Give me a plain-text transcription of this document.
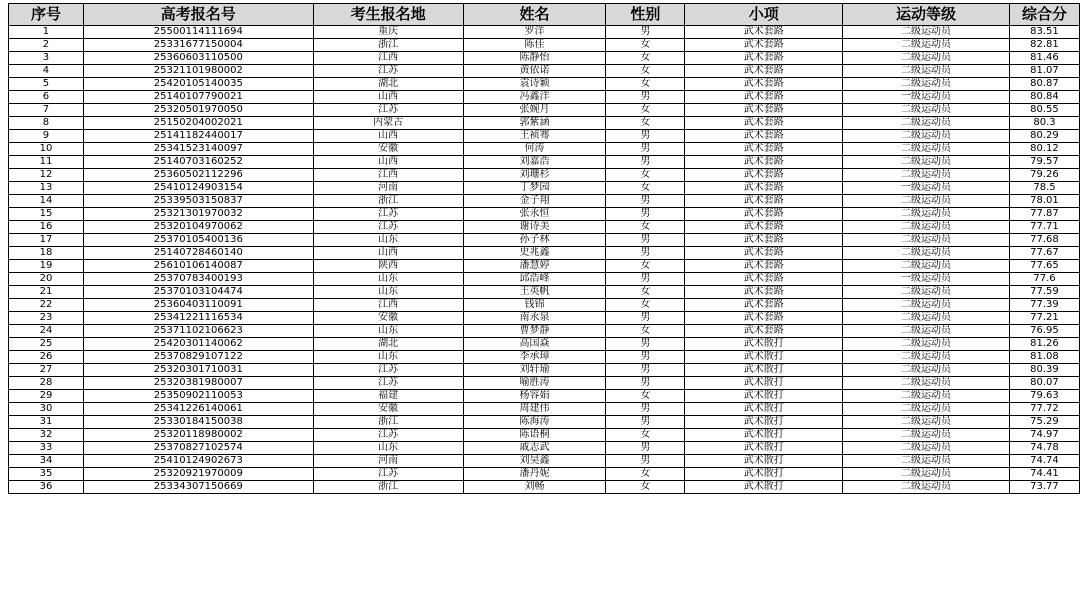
序号	高考报名号	考生报名地	姓名	性别	小项	运动等级	综合分
1	25500114111694	重庆	罗洋	男	武术套路	二级运动员	83.51
2	25331677150004	浙江	陈佳	女	武术套路	二级运动员	82.81
3	25360603110500	江西	陈静怡	女	武术套路	二级运动员	81.46
4	25321101980002	江苏	黄依诺	女	武术套路	二级运动员	81.07
5	25420105140035	湖北	袁诗颖	女	武术套路	二级运动员	80.87
6	25140107790021	山西	冯鑫洋	男	武术套路	一级运动员	80.84
7	25320501970050	江苏	张婉月	女	武术套路	二级运动员	80.55
8	25150204002021	内蒙古	郭紫涵	女	武术套路	二级运动员	80.3
9	25141182440017	山西	王祯骞	男	武术套路	二级运动员	80.29
10	25341523140097	安徽	何涛	男	武术套路	二级运动员	80.12
11	25140703160252	山西	刘嘉浩	男	武术套路	二级运动员	79.57
12	25360502112296	江西	刘珊杉	女	武术套路	二级运动员	79.26
13	25410124903154	河南	丁梦园	女	武术套路	一级运动员	78.5
14	25339503150837	浙江	金子翔	男	武术套路	二级运动员	78.01
15	25321301970032	江苏	张永恒	男	武术套路	二级运动员	77.87
16	25320104970062	江苏	谢诗美	女	武术套路	二级运动员	77.71
17	25370105400136	山东	孙子林	男	武术套路	二级运动员	77.68
18	25140728460140	山西	史兆鑫	男	武术套路	二级运动员	77.67
19	25610106140087	陕西	潘慧婷	女	武术套路	二级运动员	77.65
20	25370783400193	山东	邱浩峰	男	武术套路	一级运动员	77.6
21	25370103104474	山东	王英帆	女	武术套路	二级运动员	77.59
22	25360403110091	江西	钱锦	女	武术套路	二级运动员	77.39
23	25341221116534	安徽	南永泉	男	武术套路	二级运动员	77.21
24	25371102106623	山东	曹梦静	女	武术套路	二级运动员	76.95
25	25420301140062	湖北	高国焱	男	武术散打	二级运动员	81.26
26	25370829107122	山东	李承璋	男	武术散打	二级运动员	81.08
27	25320301710031	江苏	刘轩瑜	男	武术散打	二级运动员	80.39
28	25320381980007	江苏	喻胜涛	男	武术散打	二级运动员	80.07
29	25350902110053	福建	杨容娟	女	武术散打	二级运动员	79.63
30	25341226140061	安徽	周建伟	男	武术散打	二级运动员	77.72
31	25330184150038	浙江	陈海涛	男	武术散打	二级运动员	75.29
32	25320118980002	江苏	陈语桐	女	武术散打	二级运动员	74.97
33	25370827102574	山东	戚志武	男	武术散打	二级运动员	74.78
34	25410124902673	河南	刘昊鑫	男	武术散打	二级运动员	74.74
35	25320921970009	江苏	潘丹妮	女	武术散打	二级运动员	74.41
36	25334307150669	浙江	刘畅	女	武术散打	二级运动员	73.77
